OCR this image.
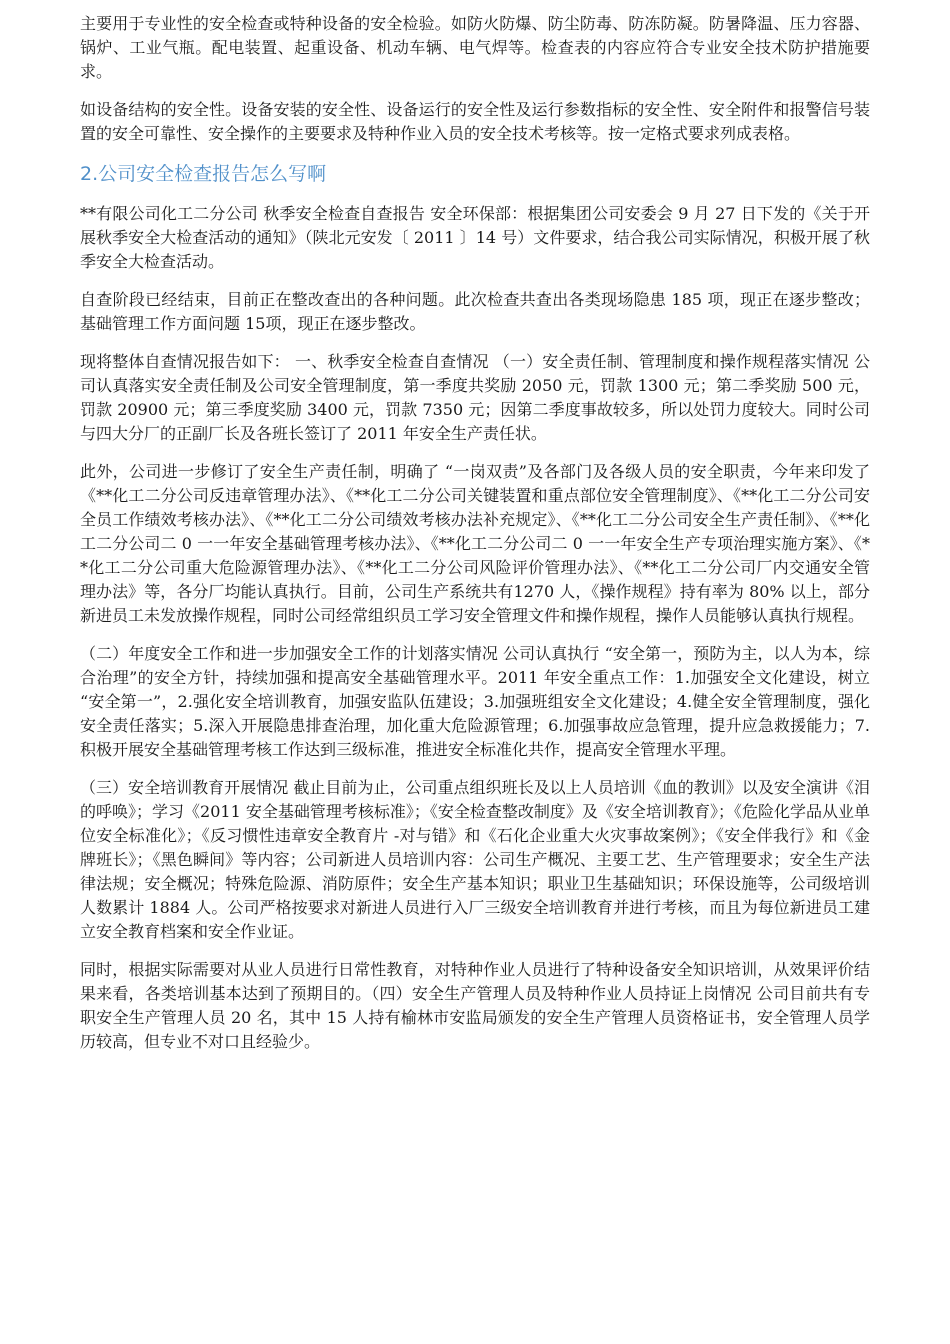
主要用于专业性的安全检查或特种设备的安全检验。如防火防爆、防尘防毒、防冻防凝。防暑降温、压力容器、锅炉、工业气瓶。配电装置、起重设备、机动车辆、电气焊等。检查表的内容应符合专业安全技术防护措施要求。

如设备结构的安全性。设备安装的安全性、设备运行的安全性及运行参数指标的安全性、安全附件和报警信号装置的安全可靠性、安全操作的主要要求及特种作业入员的安全技术考核等。按一定格式要求列成表格。

2.公司安全检查报告怎么写啊

**有限公司化工二分公司 秋季安全检查自查报告 安全环保部：根据集团公司安委会 9 月 27 日下发的《关于开展秋季安全大检查活动的通知》（陕北元安发〔 2011 〕14 号）文件要求，结合我公司实际情况，积极开展了秋季安全大检查活动。

自查阶段已经结束，目前正在整改查出的各种问题。此次检查共查出各类现场隐患 185 项，现正在逐步整改；基础管理工作方面问题 15项，现正在逐步整改。

现将整体自查情况报告如下： 一、秋季安全检查自查情况 （一）安全责任制、管理制度和操作规程落实情况 公司认真落实安全责任制及公司安全管理制度，第一季度共奖励 2050 元，罚款 1300 元；第二季奖励 500 元，罚款 20900 元；第三季度奖励 3400 元，罚款 7350 元；因第二季度事故较多，所以处罚力度较大。同时公司与四大分厂的正副厂长及各班长签订了 2011 年安全生产责任状。

此外，公司进一步修订了安全生产责任制，明确了 “一岗双责”及各部门及各级人员的安全职责，今年来印发了《**化工二分公司反违章管理办法》、《**化工二分公司关键装置和重点部位安全管理制度》、《**化工二分公司安全员工作绩效考核办法》、《**化工二分公司绩效考核办法补充规定》、《**化工二分公司安全生产责任制》、《**化工二分公司二 0 一一年安全基础管理考核办法》、《**化工二分公司二 0 一一年安全生产专项治理实施方案》、《**化工二分公司重大危险源管理办法》、《**化工二分公司风险评价管理办法》、《**化工二分公司厂内交通安全管理办法》等，各分厂均能认真执行。目前，公司生产系统共有1270 人，《操作规程》持有率为 80% 以上，部分新进员工未发放操作规程，同时公司经常组织员工学习安全管理文件和操作规程，操作人员能够认真执行规程。

（二）年度安全工作和进一步加强安全工作的计划落实情况 公司认真执行 “安全第一，预防为主，以人为本，综合治理”的安全方针，持续加强和提高安全基础管理水平。2011 年安全重点工作：1.加强安全文化建设，树立 “安全第一”，2.强化安全培训教育，加强安监队伍建设；3.加强班组安全文化建设；4.健全安全管理制度，强化安全责任落实；5.深入开展隐患排查治理，加化重大危险源管理；6.加强事故应急管理，提升应急救援能力；7.积极开展安全基础管理考核工作达到三级标准，推进安全标准化共作，提高安全管理水平理。

（三）安全培训教育开展情况 截止目前为止，公司重点组织班长及以上人员培训《血的教训》以及安全演讲《泪的呼唤》；学习《2011 安全基础管理考核标准》；《安全检查整改制度》及《安全培训教育》；《危险化学品从业单位安全标准化》；《反习惯性违章安全教育片 -对与错》和《石化企业重大火灾事故案例》；《安全伴我行》和《金牌班长》；《黑色瞬间》等内容；公司新进人员培训内容：公司生产概况、主要工艺、生产管理要求；安全生产法律法规；安全概况；特殊危险源、消防原件；安全生产基本知识；职业卫生基础知识；环保设施等，公司级培训人数累计 1884 人。公司严格按要求对新进人员进行入厂三级安全培训教育并进行考核，而且为每位新进员工建立安全教育档案和安全作业证。

同时，根据实际需要对从业人员进行日常性教育，对特种作业人员进行了特种设备安全知识培训，从效果评价结果来看，各类培训基本达到了预期目的。（四）安全生产管理人员及特种作业人员持证上岗情况 公司目前共有专职安全生产管理人员 20 名，其中 15 人持有榆林市安监局颁发的安全生产管理人员资格证书，安全管理人员学历较高，但专业不对口且经验少。
